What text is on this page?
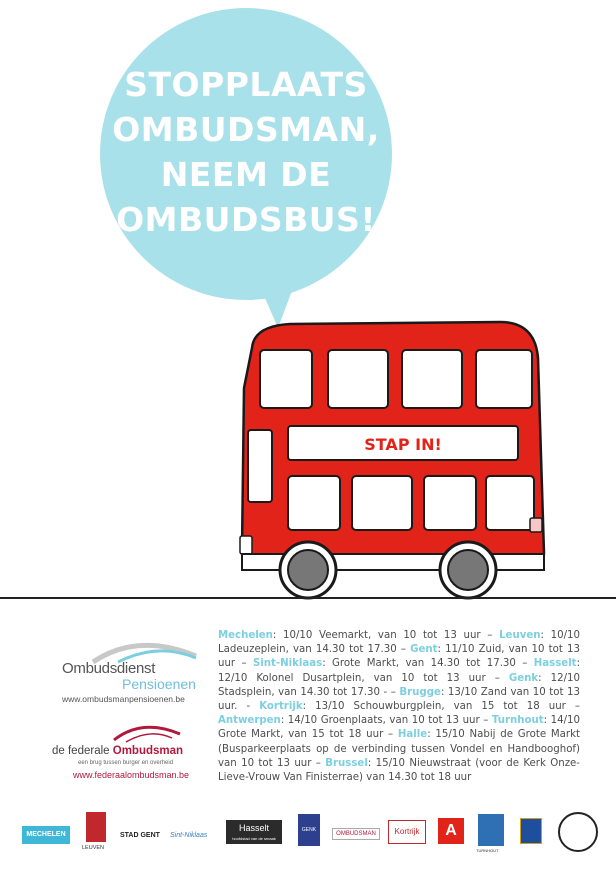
STOPPLAATS
OMBUDSMAN,
NEEM DE
OMBUDSBUS!
STAP IN!
Mechelen: 10/10 Veemarkt, van 10 tot 13 uur – Leuven: 10/10 Ladeuzeplein, van 14.30 tot 17.30 – Gent: 11/10 Zuid, van 10 tot 13 uur – Sint-Niklaas: Grote Markt, van 14.30 tot 17.30 – Hasselt: 12/10 Kolonel Dusartplein, van 10 tot 13 uur – Genk: 12/10 Stadsplein, van 14.30 tot 17.30 - – Brugge: 13/10 Zand van 10 tot 13 uur. - Kortrijk: 13/10 Schouwburgplein, van 15 tot 18 uur – Antwerpen: 14/10 Groenplaats, van 10 tot 13 uur – Turnhout: 14/10 Grote Markt, van 15 tot 18 uur – Halle: 15/10 Nabij de Grote Markt (Busparkeerplaats op de verbinding tussen Vondel en Handbooghof) van 10 tot 13 uur – Brussel: 15/10 Nieuwstraat (voor de Kerk Onze-Lieve-Vrouw Van Finisterrae) van 14.30 tot 18 uur
Ombudsdienst
Pensioenen
www.ombudsmanpensioenen.be
de federale Ombudsman
een brug tussen burger en overheid
www.federaalombudsman.be
MECHELEN
LEUVEN
STAD GENT Sint-Niklaas
Hasselt
hoofdstad van de smaak
GENK
OMBUDSMAN	Kortrijk	A
TURNHOUT
